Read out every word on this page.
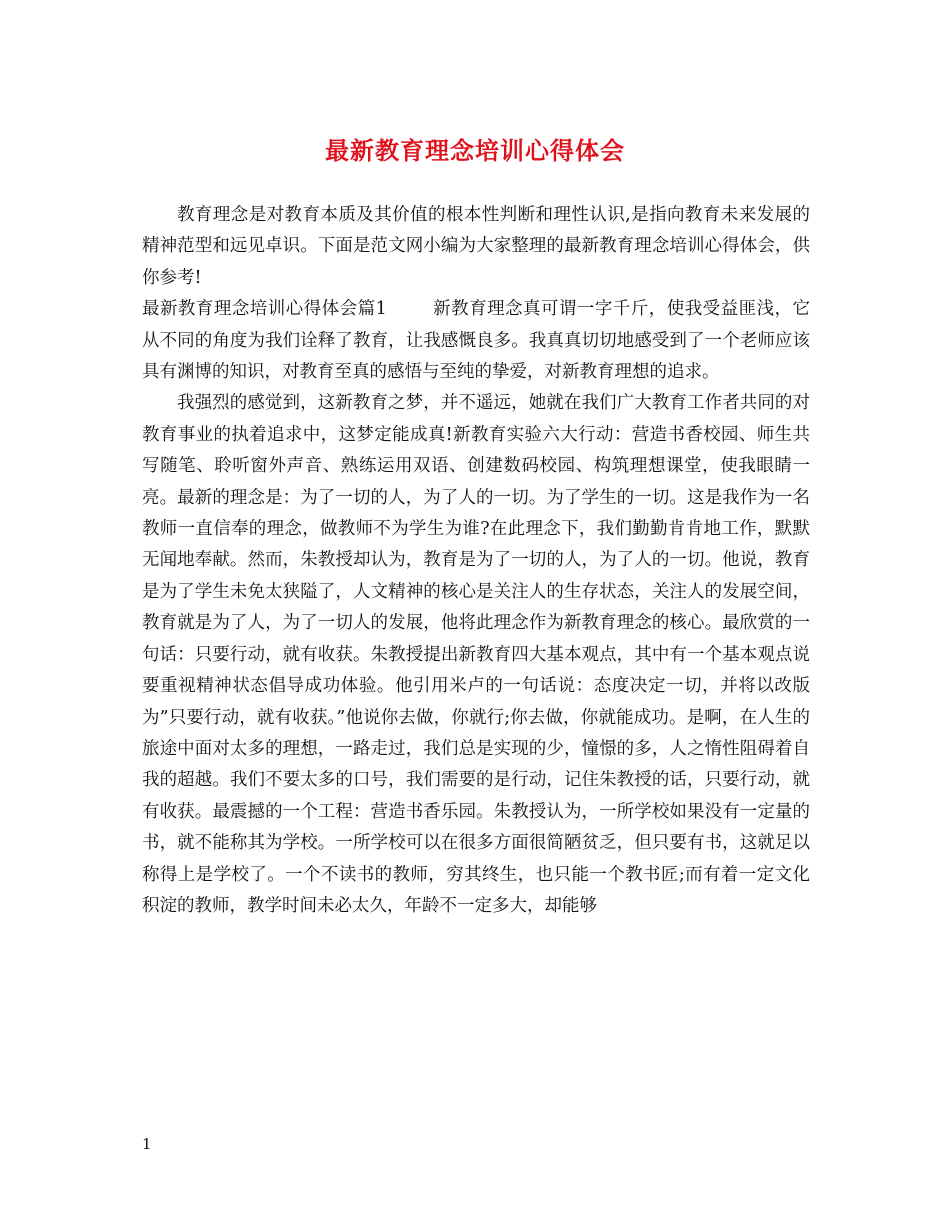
最新教育理念培训心得体会

教育理念是对教育本质及其价值的根本性判断和理性认识,是指向教育未来发展的精神范型和远见卓识。下面是范文网小编为大家整理的最新教育理念培训心得体会，供你参考!

最新教育理念培训心得体会篇1	新教育理念真可谓一字千斤，使我受益匪浅，它从不同的角度为我们诠释了教育，让我感慨良多。我真真切切地感受到了一个老师应该具有渊博的知识，对教育至真的感悟与至纯的挚爱，对新教育理想的追求。

我强烈的感觉到，这新教育之梦，并不遥远，她就在我们广大教育工作者共同的对教育事业的执着追求中，这梦定能成真!新教育实验六大行动：营造书香校园、师生共写随笔、聆听窗外声音、熟练运用双语、创建数码校园、构筑理想课堂，使我眼睛一亮。最新的理念是：为了一切的人，为了人的一切。为了学生的一切。这是我作为一名教师一直信奉的理念，做教师不为学生为谁?在此理念下，我们勤勤肯肯地工作，默默无闻地奉献。然而，朱教授却认为，教育是为了一切的人，为了人的一切。他说，教育是为了学生未免太狭隘了，人文精神的核心是关注人的生存状态，关注人的发展空间，教育就是为了人，为了一切人的发展，他将此理念作为新教育理念的核心。最欣赏的一句话：只要行动，就有收获。朱教授提出新教育四大基本观点，其中有一个基本观点说要重视精神状态倡导成功体验。他引用米卢的一句话说：态度决定一切，并将以改版为”只要行动，就有收获。”他说你去做，你就行;你去做，你就能成功。是啊，在人生的旅途中面对太多的理想，一路走过，我们总是实现的少，憧憬的多，人之惰性阻碍着自我的超越。我们不要太多的口号，我们需要的是行动，记住朱教授的话，只要行动，就有收获。最震撼的一个工程：营造书香乐园。朱教授认为，一所学校如果没有一定量的书，就不能称其为学校。一所学校可以在很多方面很简陋贫乏，但只要有书，这就足以称得上是学校了。一个不读书的教师，穷其终生，也只能一个教书匠;而有着一定文化积淀的教师，教学时间未必太久，年龄不一定多大，却能够

1
